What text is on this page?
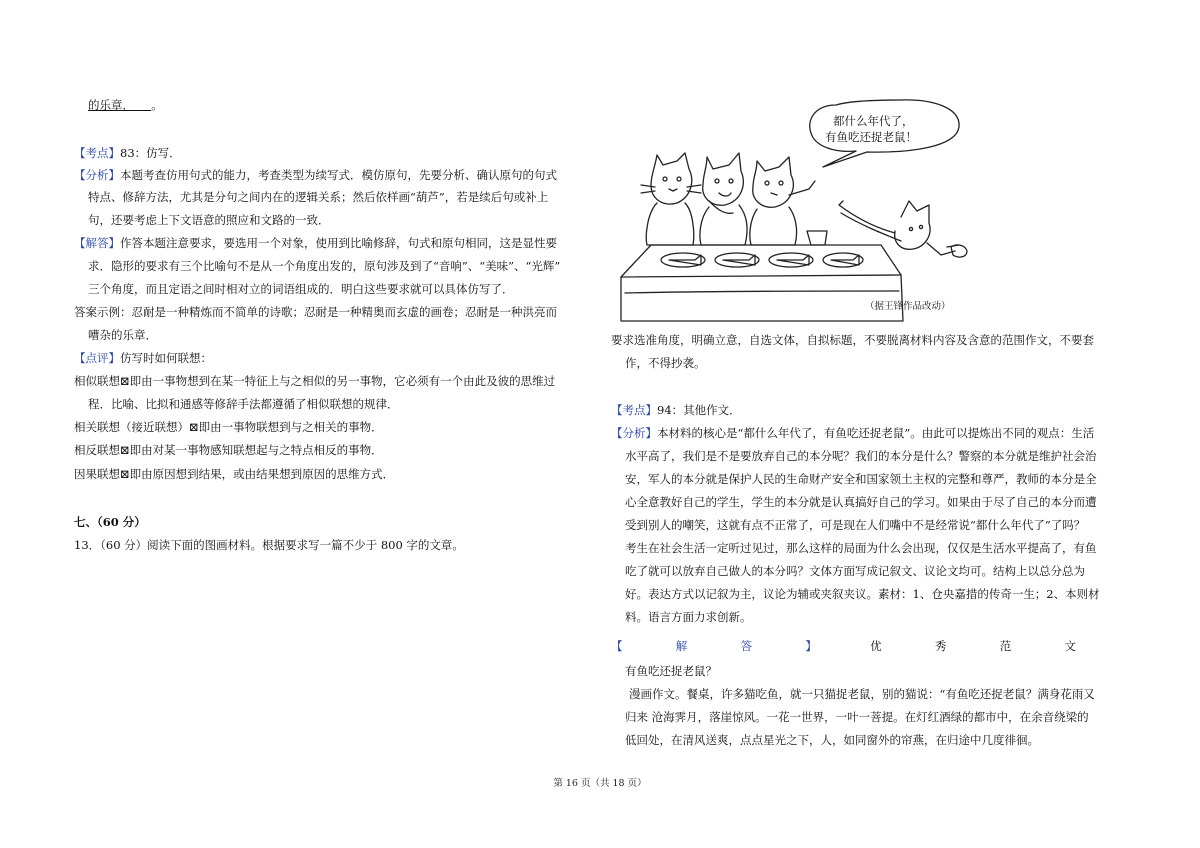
的乐章．　　。
【考点】83：仿写．
【分析】本题考查仿用句式的能力，考查类型为续写式．模仿原句，先要分析、确认原句的句式
特点、修辞方法，尤其是分句之间内在的逻辑关系；然后依样画“葫芦”，若是续后句或补上
句，还要考虑上下文语意的照应和文路的一致．
【解答】作答本题注意要求，要选用一个对象，使用到比喻修辞，句式和原句相同，这是显性要
求．隐形的要求有三个比喻句不是从一个角度出发的，原句涉及到了“音响”、“美味”、“光辉”
三个角度，而且定语之间时相对立的词语组成的．明白这些要求就可以具体仿写了．
答案示例：忍耐是一种精炼而不简单的诗歌；忍耐是一种精奥而玄虚的画卷；忍耐是一种洪亮而
嘈杂的乐章．
【点评】仿写时如何联想：
相似联想⊠即由一事物想到在某一特征上与之相似的另一事物，它必须有一个由此及彼的思维过
程．比喻、比拟和通感等修辞手法都遵循了相似联想的规律．
相关联想（接近联想）⊠即由一事物联想到与之相关的事物．
相反联想⊠即由对某一事物感知联想起与之特点相反的事物．
因果联想⊠即由原因想到结果，或由结果想到原因的思维方式．
七、（60 分）
13．（60 分）阅读下面的图画材料。根据要求写一篇不少于 800 字的文章。
都什么年代了，
有鱼吃还捉老鼠！
（据王锋作品改动）
要求选准角度，明确立意，自选文体，自拟标题，不要脱离材料内容及含意的范围作文，不要套
作，不得抄袭。
【考点】94：其他作文．
【分析】本材料的核心是“都什么年代了，有鱼吃还捉老鼠”。由此可以提炼出不同的观点：生活
水平高了，我们是不是要放弃自己的本分呢？我们的本分是什么？警察的本分就是维护社会治
安，军人的本分就是保护人民的生命财产安全和国家领土主权的完整和尊严，教师的本分是全
心全意教好自己的学生，学生的本分就是认真搞好自己的学习。如果由于尽了自己的本分而遭
受到别人的嘲笑，这就有点不正常了，可是现在人们嘴中不是经常说“都什么年代了”了吗？
考生在社会生活一定听过见过，那么这样的局面为什么会出现，仅仅是生活水平提高了，有鱼
吃了就可以放弃自己做人的本分吗？文体方面写成记叙文、议论文均可。结构上以总分总为
好。表达方式以记叙为主，议论为辅或夹叙夹议。素材：1、仓央嘉措的传奇一生；2、本则材
料。语言方面力求创新。
【	解	答	】	优	秀	范	文
有鱼吃还捉老鼠？
漫画作文。餐桌，许多猫吃鱼，就一只猫捉老鼠，别的猫说：“有鱼吃还捉老鼠？满身花雨又
归来 沧海霁月，落崖惊风。一花一世界，一叶一菩提。在灯红酒绿的都市中，在余音绕梁的
低回处，在清风送爽，点点星光之下，人，如同窗外的帘燕，在归途中几度徘徊。
第 16 页（共 18 页）
